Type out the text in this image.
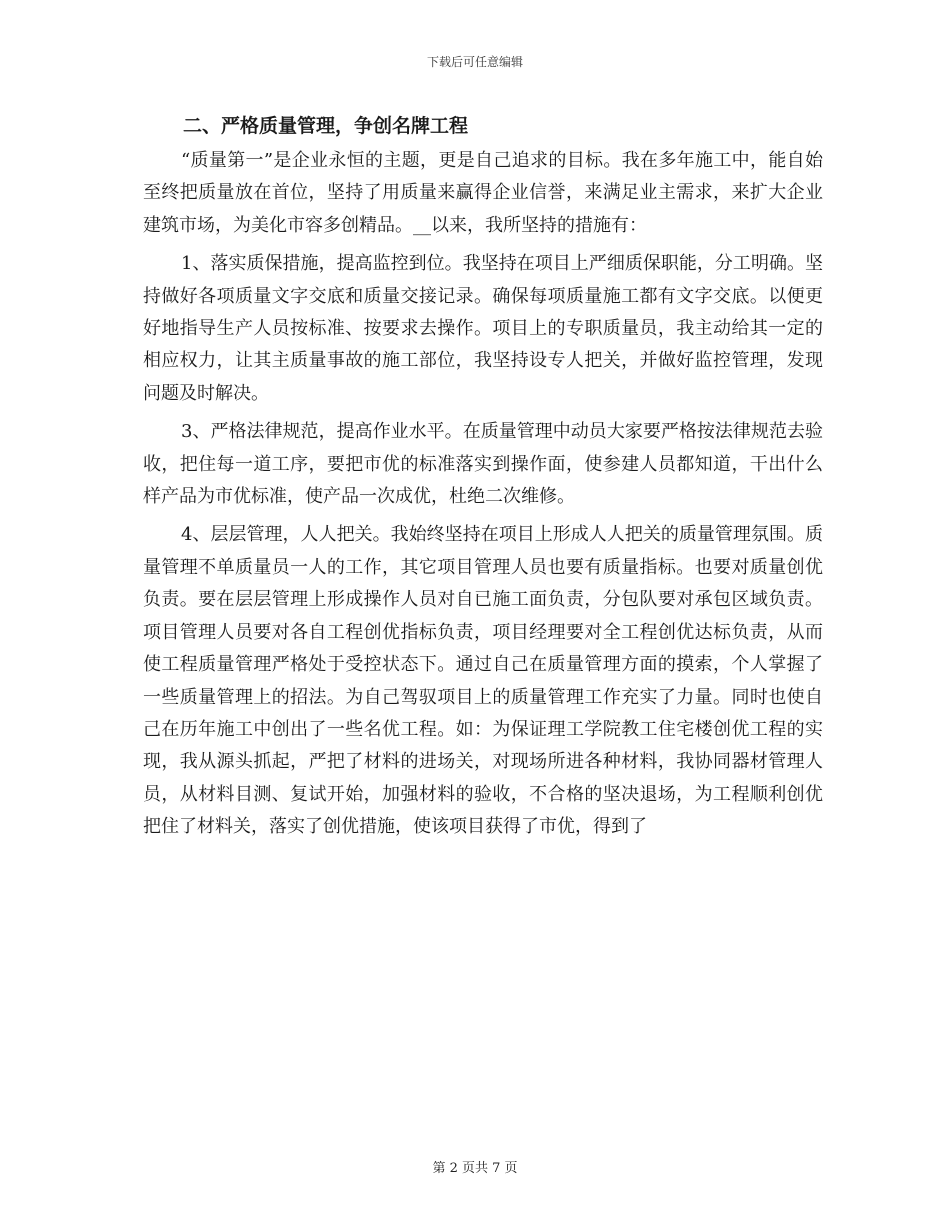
下载后可任意编辑
二、严格质量管理，争创名牌工程

“质量第一”是企业永恒的主题，更是自己追求的目标。我在多年施工中，能自始至终把质量放在首位，坚持了用质量来赢得企业信誉，来满足业主需求，来扩大企业建筑市场，为美化市容多创精品。__以来，我所坚持的措施有：

1、落实质保措施，提高监控到位。我坚持在项目上严细质保职能，分工明确。坚持做好各项质量文字交底和质量交接记录。确保每项质量施工都有文字交底。以便更好地指导生产人员按标准、按要求去操作。项目上的专职质量员，我主动给其一定的相应权力，让其主质量事故的施工部位，我坚持设专人把关，并做好监控管理，发现问题及时解决。

3、严格法律规范，提高作业水平。在质量管理中动员大家要严格按法律规范去验收，把住每一道工序，要把市优的标准落实到操作面，使参建人员都知道，干出什么样产品为市优标准，使产品一次成优，杜绝二次维修。

4、层层管理，人人把关。我始终坚持在项目上形成人人把关的质量管理氛围。质量管理不单质量员一人的工作，其它项目管理人员也要有质量指标。也要对质量创优负责。要在层层管理上形成操作人员对自已施工面负责，分包队要对承包区域负责。项目管理人员要对各自工程创优指标负责，项目经理要对全工程创优达标负责，从而使工程质量管理严格处于受控状态下。通过自己在质量管理方面的摸索，个人掌握了一些质量管理上的招法。为自己驾驭项目上的质量管理工作充实了力量。同时也使自己在历年施工中创出了一些名优工程。如：为保证理工学院教工住宅楼创优工程的实现，我从源头抓起，严把了材料的进场关，对现场所进各种材料，我协同器材管理人员，从材料目测、复试开始，加强材料的验收，不合格的坚决退场，为工程顺利创优把住了材料关，落实了创优措施，使该项目获得了市优，得到了

第 2 页共 7 页
